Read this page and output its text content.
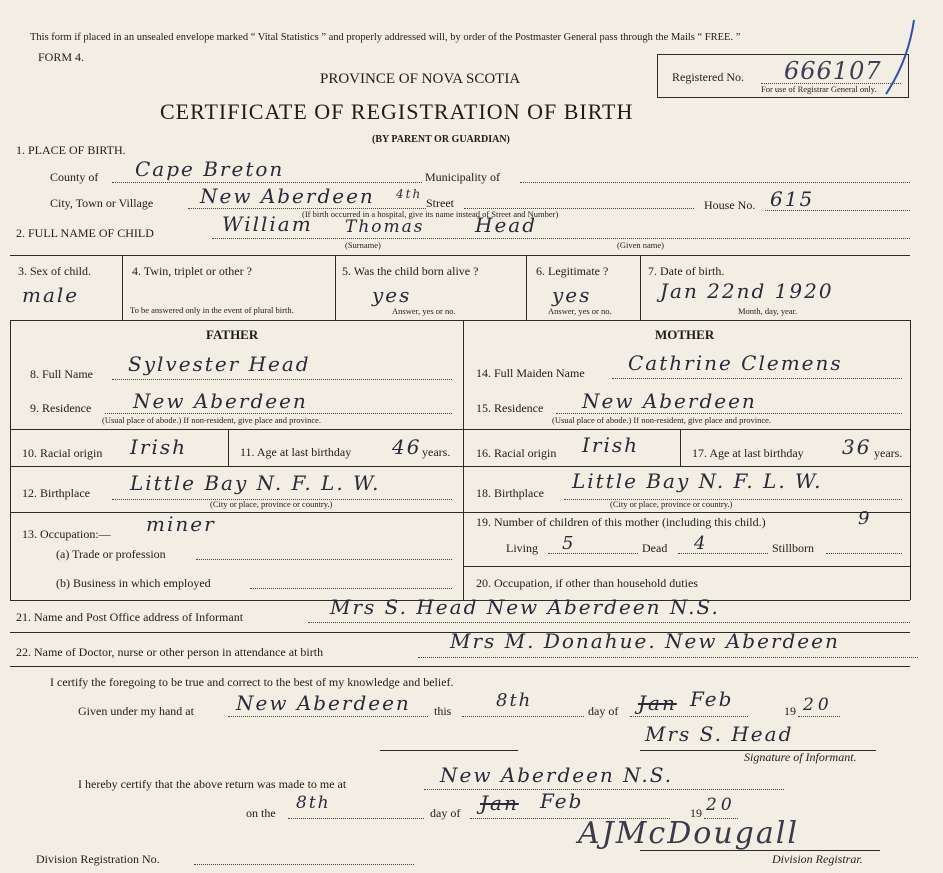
This form if placed in an unsealed envelope marked “ Vital Statistics ” and properly addressed will, by order of the Postmaster General pass through the Mails “ FREE. ”
FORM 4.
PROVINCE OF NOVA SCOTIA
CERTIFICATE OF REGISTRATION OF BIRTH
(BY PARENT OR GUARDIAN)
Registered No. 666107
For use of Registrar General only.
1. PLACE OF BIRTH.
County of Cape Breton	Municipality of
City, Town or Village New Aberdeen 4th
Street
(If birth occurred in a hospital, give its name instead of Street and Number)
House No. 615
2. FULL NAME OF CHILD	William Thomas	Head
(Surname)	(Given name)
3. Sex of child.
male
4. Twin, triplet or other ?
To be answered only in the event of plural birth.
5. Was the child born alive ?
yes
Answer, yes or no.
6. Legitimate ?
yes
Answer, yes or no.
7. Date of birth.
Jan 22nd 1920
Month, day, year.
FATHER	MOTHER
8. Full Name Sylvester Head
9. Residence New Aberdeen
(Usual place of abode.) If non-resident, give place and province.
10. Racial origin Irish	11. Age at last birthday 46 years.
12. Birthplace Little Bay N. F. L. W.
(City or place, province or country.)
13. Occupation:— miner
(a) Trade or profession
(b) Business in which employed
14. Full Maiden Name Cathrine Clemens
15. Residence New Aberdeen
(Usual place of abode.) If non-resident, give place and province.
16. Racial origin Irish	17. Age at last birthday 36 years.
18. Birthplace Little Bay N. F. L. W.
(City or place, province or country.)
19. Number of children of this mother (including this child.)	9
Living 5	Dead 4	Stillborn
20. Occupation, if other than household duties
21. Name and Post Office address of Informant	Mrs S. Head New Aberdeen N.S.
22. Name of Doctor, nurse or other person in attendance at birth	Mrs M. Donahue. New Aberdeen
I certify the foregoing to be true and correct to the best of my knowledge and belief.
Given under my hand at New Aberdeen this 8th	day of Jan Feb	19 20
Mrs S. Head
Signature of Informant.
I hereby certify that the above return was made to me at	New Aberdeen N.S.
on the 8th	day of Jan Feb	19 20
AJMcDougall
Division Registration No.	Division Registrar.
